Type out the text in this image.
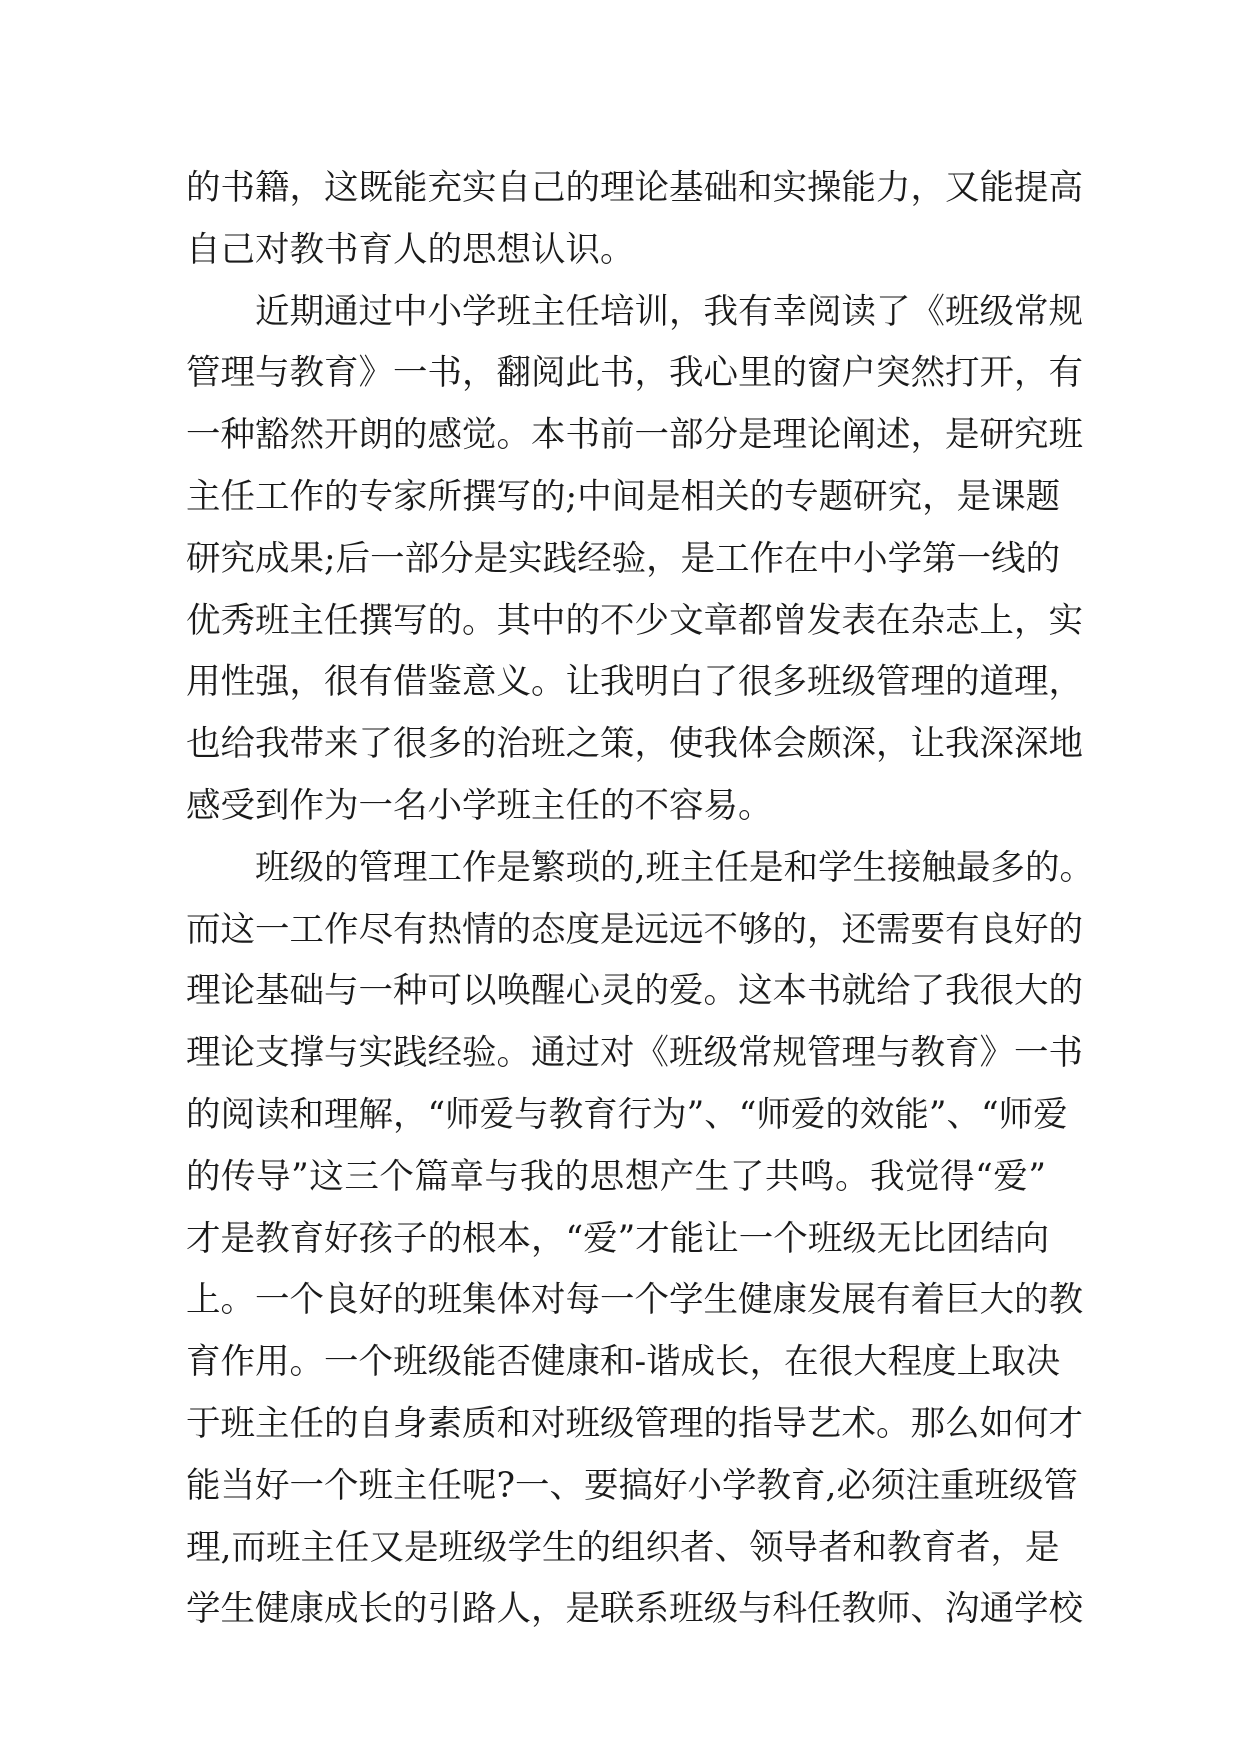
的书籍，这既能充实自己的理论基础和实操能力，又能提高
自己对教书育人的思想认识。
近期通过中小学班主任培训，我有幸阅读了《班级常规
管理与教育》一书，翻阅此书，我心里的窗户突然打开，有
一种豁然开朗的感觉。本书前一部分是理论阐述，是研究班
主任工作的专家所撰写的;中间是相关的专题研究，是课题
研究成果;后一部分是实践经验，是工作在中小学第一线的
优秀班主任撰写的。其中的不少文章都曾发表在杂志上，实
用性强，很有借鉴意义。让我明白了很多班级管理的道理，
也给我带来了很多的治班之策，使我体会颇深，让我深深地
感受到作为一名小学班主任的不容易。
班级的管理工作是繁琐的,班主任是和学生接触最多的。
而这一工作尽有热情的态度是远远不够的，还需要有良好的
理论基础与一种可以唤醒心灵的爱。这本书就给了我很大的
理论支撑与实践经验。通过对《班级常规管理与教育》一书
的阅读和理解，“师爱与教育行为”、“师爱的效能”、“师爱
的传导”这三个篇章与我的思想产生了共鸣。我觉得“爱”
才是教育好孩子的根本，“爱”才能让一个班级无比团结向
上。一个良好的班集体对每一个学生健康发展有着巨大的教
育作用。一个班级能否健康和-谐成长，在很大程度上取决
于班主任的自身素质和对班级管理的指导艺术。那么如何才
能当好一个班主任呢?一、要搞好小学教育,必须注重班级管
理,而班主任又是班级学生的组织者、领导者和教育者，是
学生健康成长的引路人，是联系班级与科任教师、沟通学校
